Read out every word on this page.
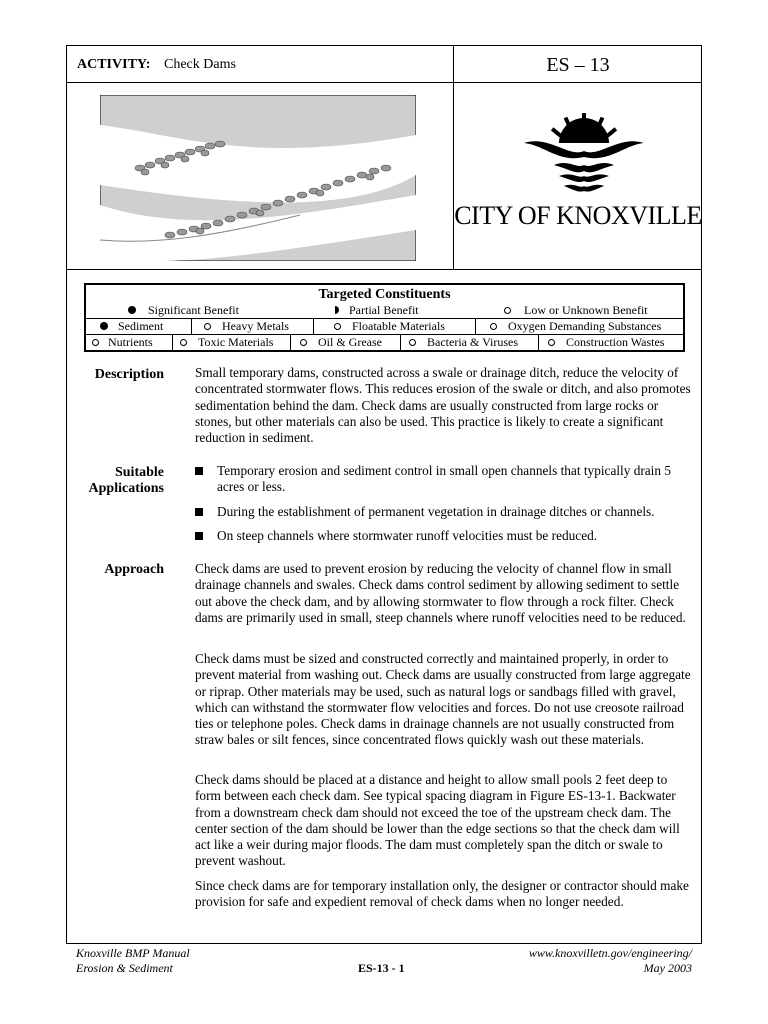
ACTIVITY: Check Dams	ES – 13
CITY OF KNOXVILLE
Targeted Constituents
Significant Benefit	Partial Benefit	Low or Unknown Benefit
Sediment	Heavy Metals	Floatable Materials	Oxygen Demanding Substances
Nutrients	Toxic Materials	Oil & Grease	Bacteria & Viruses	Construction Wastes
Description Small temporary dams, constructed across a swale or drainage ditch, reduce the velocity of concentrated stormwater flows. This reduces erosion of the swale or ditch, and also promotes sedimentation behind the dam. Check dams are usually constructed from large rocks or stones, but other materials can also be used. This practice is likely to create a significant reduction in sediment.

Suitable
Applications
Temporary erosion and sediment control in small open channels that typically drain 5 acres or less.
During the establishment of permanent vegetation in drainage ditches or channels.
On steep channels where stormwater runoff velocities must be reduced.
Approach Check dams are used to prevent erosion by reducing the velocity of channel flow in small drainage channels and swales. Check dams control sediment by allowing sediment to settle out above the check dam, and by allowing stormwater to flow through a rock filter. Check dams are primarily used in small, steep channels where runoff velocities need to be reduced.

Check dams must be sized and constructed correctly and maintained properly, in order to prevent material from washing out. Check dams are usually constructed from large aggregate or riprap. Other materials may be used, such as natural logs or sandbags filled with gravel, which can withstand the stormwater flow velocities and forces. Do not use creosote railroad ties or telephone poles. Check dams in drainage channels are not usually constructed from straw bales or silt fences, since concentrated flows quickly wash out these materials.

Check dams should be placed at a distance and height to allow small pools 2 feet deep to form between each check dam. See typical spacing diagram in Figure ES-13-1. Backwater from a downstream check dam should not exceed the toe of the upstream check dam. The center section of the dam should be lower than the edge sections so that the check dam will act like a weir during major floods. The dam must completely span the ditch or swale to prevent washout.

Since check dams are for temporary installation only, the designer or contractor should make provision for safe and expedient removal of check dams when no longer needed.

Knoxville BMP Manual
Erosion & Sediment	ES-13 - 1
www.knoxvilletn.gov/engineering/
May 2003
